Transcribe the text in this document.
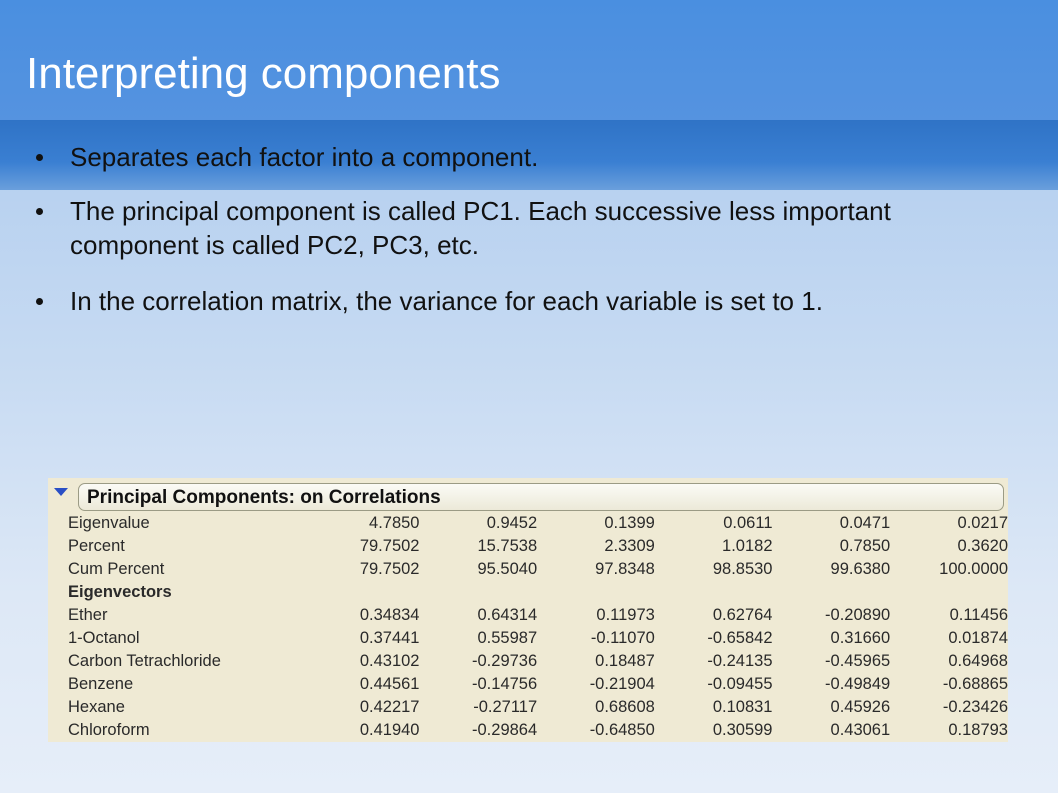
Interpreting components
Separates each factor into a component.
The principal component is called PC1. Each successive less important component is called PC2, PC3, etc.
In the correlation matrix, the variance for each variable is set to 1.
Principal Components: on Correlations
Eigenvalue	4.7850	0.9452	0.1399	0.0611	0.0471	0.0217
Percent	79.7502	15.7538	2.3309	1.0182	0.7850	0.3620
Cum Percent	79.7502	95.5040	97.8348	98.8530	99.6380	100.0000
Eigenvectors						
Ether	0.34834	0.64314	0.11973	0.62764	-0.20890	0.11456
1-Octanol	0.37441	0.55987	-0.11070	-0.65842	0.31660	0.01874
Carbon Tetrachloride	0.43102	-0.29736	0.18487	-0.24135	-0.45965	0.64968
Benzene	0.44561	-0.14756	-0.21904	-0.09455	-0.49849	-0.68865
Hexane	0.42217	-0.27117	0.68608	0.10831	0.45926	-0.23426
Chloroform	0.41940	-0.29864	-0.64850	0.30599	0.43061	0.18793
